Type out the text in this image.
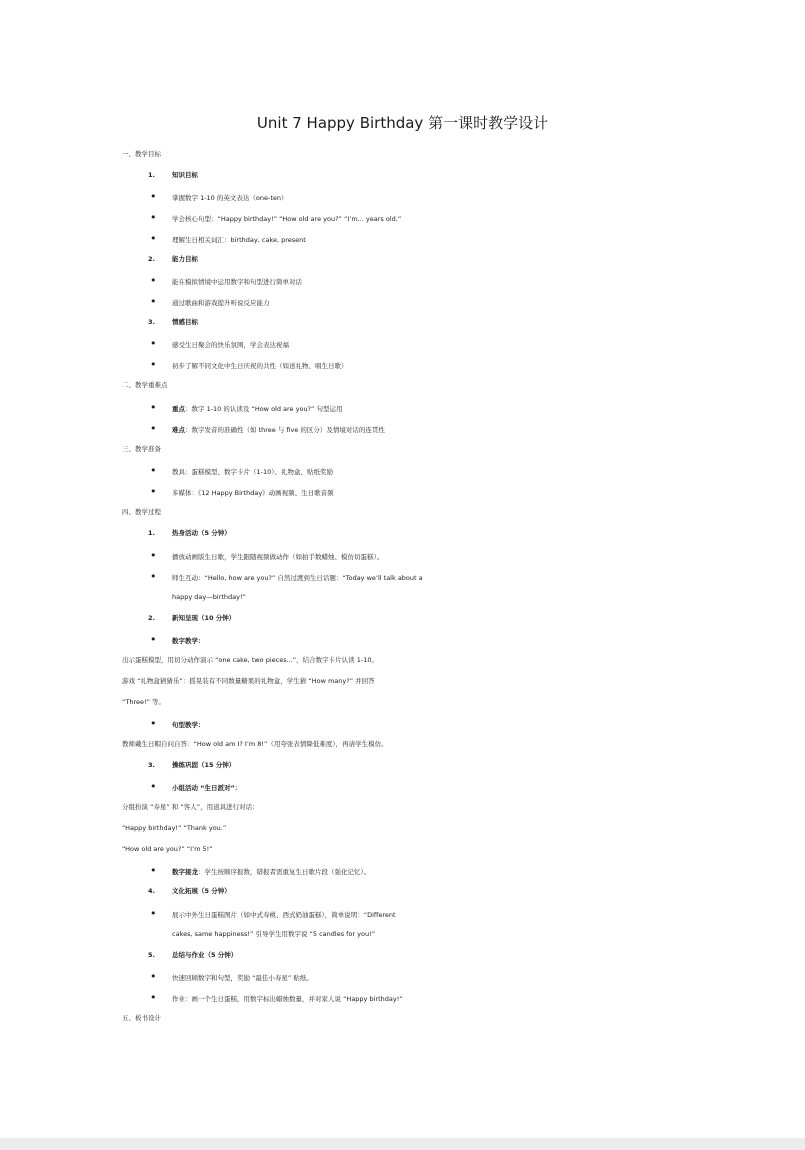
Unit 7 Happy Birthday 第一课时教学设计
一、教学目标
1.	知识目标
• 掌握数字 1-10 的英文表达（one-ten）
• 学会核心句型：“Happy birthday!” “How old are you?” “I’m... years old.”
• 理解生日相关词汇：birthday, cake, present
2.	能力目标
• 能在模拟情境中运用数字和句型进行简单对话
• 通过歌曲和游戏提升听说反应能力
3.	情感目标
• 感受生日聚会的快乐氛围，学会表达祝福
• 初步了解不同文化中生日庆祝的共性（如送礼物、唱生日歌）
二、教学重难点
• 重点：数字 1-10 的认读及 “How old are you?” 句型运用
• 难点：数字发音的准确性（如 three 与 five 的区分）及情境对话的连贯性
三、教学准备
• 教具：蛋糕模型、数字卡片（1-10）、礼物盒、贴纸奖励
• 多媒体：《12 Happy Birthday》动画视频、生日歌音频
四、教学过程
1.	热身活动（5 分钟）
• 播放动画版生日歌，学生跟随视频做动作（如拍手数蜡烛、模仿切蛋糕）。
• 师生互动：“Hello, how are you?” 自然过渡到生日话题：“Today we’ll talk about a
happy day—birthday!”
2.	新知呈现（10 分钟）
• 数字教学：
出示蛋糕模型，用切分动作演示 “one cake, two pieces...”，结合数字卡片认读 1-10。
游戏 “礼物盒猜猜乐”：摇晃装有不同数量糖果的礼物盒，学生猜 “How many?” 并回答
“Three!” 等。
• 句型教学：
教师戴生日帽自问自答：“How old am I? I’m 8!”（用夸张表情降低难度），再请学生模仿。
3.	操练巩固（15 分钟）
• 小组活动 “生日派对”：
分组扮演 “寿星” 和 “客人”，用道具进行对话：
“Happy birthday!” “Thank you.”
“How old are you?” “I’m 5!”
• 数字接龙：学生按顺序报数，错报者需重复生日歌片段（强化记忆）。
4.	文化拓展（5 分钟）
• 展示中外生日蛋糕图片（如中式寿桃、西式奶油蛋糕），简单说明：“Different
cakes, same happiness!” 引导学生用数字说 “5 candles for you!”
5.	总结与作业（5 分钟）
• 快速回顾数字和句型，奖励 “最佳小寿星” 贴纸。
• 作业：画一个生日蛋糕，用数字标出蜡烛数量，并对家人说 “Happy birthday!”
五、板书设计
